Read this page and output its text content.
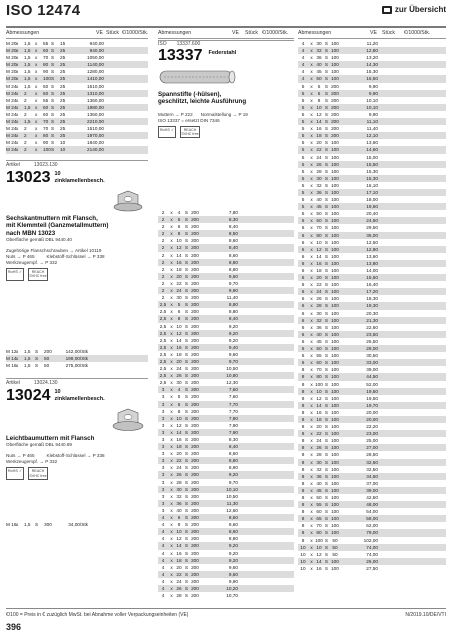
ISO 12474	zur Übersicht
Abmessungen	VE Stück €/1000/Stk. Abmessungen	VE Stück €/1000/Stk. Abmessungen	VE Stück €/1000/Stk.
M 20 x	1,5 x	55 S	15	940,00
M 20 x	1,5 x	60 S	25	940,00
M 20 x	1,5 x	70 S	25	1050,00
M 20 x	1,5 x	80 S	25	1140,00
M 20 x	1,5 x	90 S	25	1280,00
M 20 x	1,5 x	100 S	25	1410,00
M 24 x	1,5 x	50 S	25	1610,00
M 24 x	2	x	50 S	25	1310,00
M 24 x	2	x	55 S	25	1360,00
M 24 x	1,5 x	60 S	25	1980,00
M 24 x	2	x	60 S	25	1360,00
M 24 x	1,5 x	70 S	25	2210,00
M 24 x	2	x	70 S	25	1510,00
M 24 x	2	x	80 S	25	1970,00
M 24 x	2	x	90 S	10	1840,00
M 24 x	2	x	100 S	10	2140,00
Artikel	13023.130
13023 10
zinklamellenbesch.
Sechskantmuttern mit Flansch,
mit Klemmteil (Ganzmetallmuttern)
nach MBN 13023
Oberfläche gemäß DBL 9440.40
Zugehörige Flanschschrauben → Artikel 10119
Nuts → P 465	Klebstoff-Schlüssel → P 338
Werkzeugempf. → P 332
RoHS ✓	REACH SVHC free
M 12 x	1,5 S	200	142,00/Stk
M 14 x	1,5 S	50	199,00/Stk
M 16 x	1,5 S	50	275,00/Stk
Artikel	13024.130
13024 10
zinklamellenbesch.
Leichtbaumuttern mit Flansch
Oberfläche gemäß DBL 9440.89
Nuts → P 465	Klebstoff-Schlüssel → P 338
Werkzeugempf. → P 332
RoHS ✓	REACH SVHC free
M 16 x	1,5 S	300	34,00/Stk
ISO 13337.600
13337 Federstahl
Spannstifte (-hülsen),
geschlitzt, leichte Ausführung
Muttern → P 222 Normalstellung → P 19
ISO 13337 = ersetzt DIN 7346
RoHS ✓	REACH SVHC free
2	x	4 S 200	7,80
2	x	5 S 200	8,30
2	x	6 S 200	8,40
2	x	8 S 200	8,50
2	x 10 S 200	8,60
2	x 12 S 200	8,40
2	x 14 S 200	8,60
2	x 16 S 200	8,80
2	x 18 S 200	8,80
2	x 20 S 200	9,50
2	x 22 S 200	9,70
2	x 24 S 200	9,90
2	x 30 S 200	11,40
2,5 x	5 S 200	8,80
2,5 x	6 S 200	8,80
2,5 x	8 S 200	8,40
2,5 x 10 S 200	9,20
2,5 x 12 S 200	9,20
2,5 x 14 S 200	9,20
2,5 x 16 S 200	9,40
2,5 x 18 S 200	9,60
2,5 x 20 S 200	9,70
2,5 x 24 S 200	10,50
2,5 x 26 S 200	10,80
2,5 x 30 S 200	12,30
3	x	4 S 200	7,60
3	x	5 S 200	7,60
3	x	6 S 200	7,70
3	x	8 S 200	7,70
3	x 10 S 200	7,80
3	x 12 S 200	7,90
3	x 14 S 200	7,90
3	x 16 S 200	8,30
3	x 18 S 200	8,40
3	x 20 S 200	8,60
3	x 22 S 200	8,80
3	x 24 S 200	8,90
3	x 26 S 200	9,20
3	x 28 S 200	9,70
3	x 30 S 200	10,10
3	x 32 S 200	10,50
3	x 36 S 200	11,30
3	x 40 S 200	12,60
4	x	6 S 200	8,50
4	x	8 S 200	8,60
4	x 10 S 200	8,60
4	x 12 S 200	8,80
4	x 14 S 200	9,20
4	x 16 S 200	9,20
4	x 18 S 200	9,20
4	x 20 S 200	9,60
4	x 22 S 200	9,60
4	x 24 S 200	9,90
4	x 26 S 200	10,20
4	x 28 S 200	10,70
4	x 30 S 100	11,20
4	x 32 S 100	12,80
4	x 36 S 100	13,20
4	x 40 S 100	14,30
4	x 45 S 100	15,30
4	x 50 S 100	16,50
5	x	5 S 200	9,90
5	x	6 S 200	9,90
5	x	8 S 200	10,10
5	x 10 S 200	10,10
5	x 12 S 200	9,90
5	x 14 S 200	11,10
5	x 16 S 200	11,40
5	x 18 S 200	12,10
5	x 20 S 100	13,60
5	x 22 S 100	14,60
5	x 24 S 100	15,00
5	x 26 S 100	15,50
5	x 28 S 100	15,30
5	x 30 S 100	15,30
5	x 32 S 100	16,10
5	x 36 S 100	17,10
5	x 40 S 100	18,00
5	x 45 S 100	19,60
5	x 50 S 100	20,40
6	x 60 S 100	24,50
6	x 70 S 100	29,50
6	x 80 S 100	36,00
6	x 10 S 100	12,50
6	x 12 S 100	12,80
6	x 14 S 100	13,60
6	x 16 S 100	13,80
6	x 18 S 100	14,00
6	x 20 S 100	15,50
6	x 22 S 100	16,40
6	x 24 S 100	17,20
6	x 26 S 100	18,30
6	x 28 S 100	19,30
6	x 30 S 100	20,30
6	x 32 S 100	21,30
6	x 36 S 100	22,60
6	x 40 S 100	23,50
6	x 45 S 100	26,50
6	x 50 S 100	28,00
6	x 55 S 100	30,50
6	x 60 S 100	33,00
8	x 70 S 100	39,00
8	x 80 S 100	44,50
8	x 100 S 100	52,00
8	x 10 S 100	19,50
8	x 12 S 100	19,50
8	x 14 S 100	19,70
8	x 16 S 100	20,00
8	x 18 S 100	20,00
8	x 20 S 100	22,20
8	x 22 S 100	23,00
8	x 24 S 100	25,00
8	x 26 S 100	27,00
8	x 28 S 100	28,50
8	x 30 S 100	32,50
8	x 32 S 100	32,50
8	x 36 S 100	34,50
8	x 40 S 100	37,00
8	x 45 S 100	39,00
8	x 50 S 100	42,50
8	x 55 S 100	48,00
8	x 60 S 100	54,00
8	x 65 S 100	58,00
8	x 70 S 100	62,00
8	x 80 S 100	79,00
8	x 100 S 50	102,00
10	x 10 S 50	74,00
10	x 12 S 50	74,00
10	x 14 S 100	26,00
10	x 16 S 100	27,50
€/100 = Preis in € zuzüglich MwSt. bei Abnahme voller Verpackungseinheiten (VE)	N/2019.10/DE/VTI
396
